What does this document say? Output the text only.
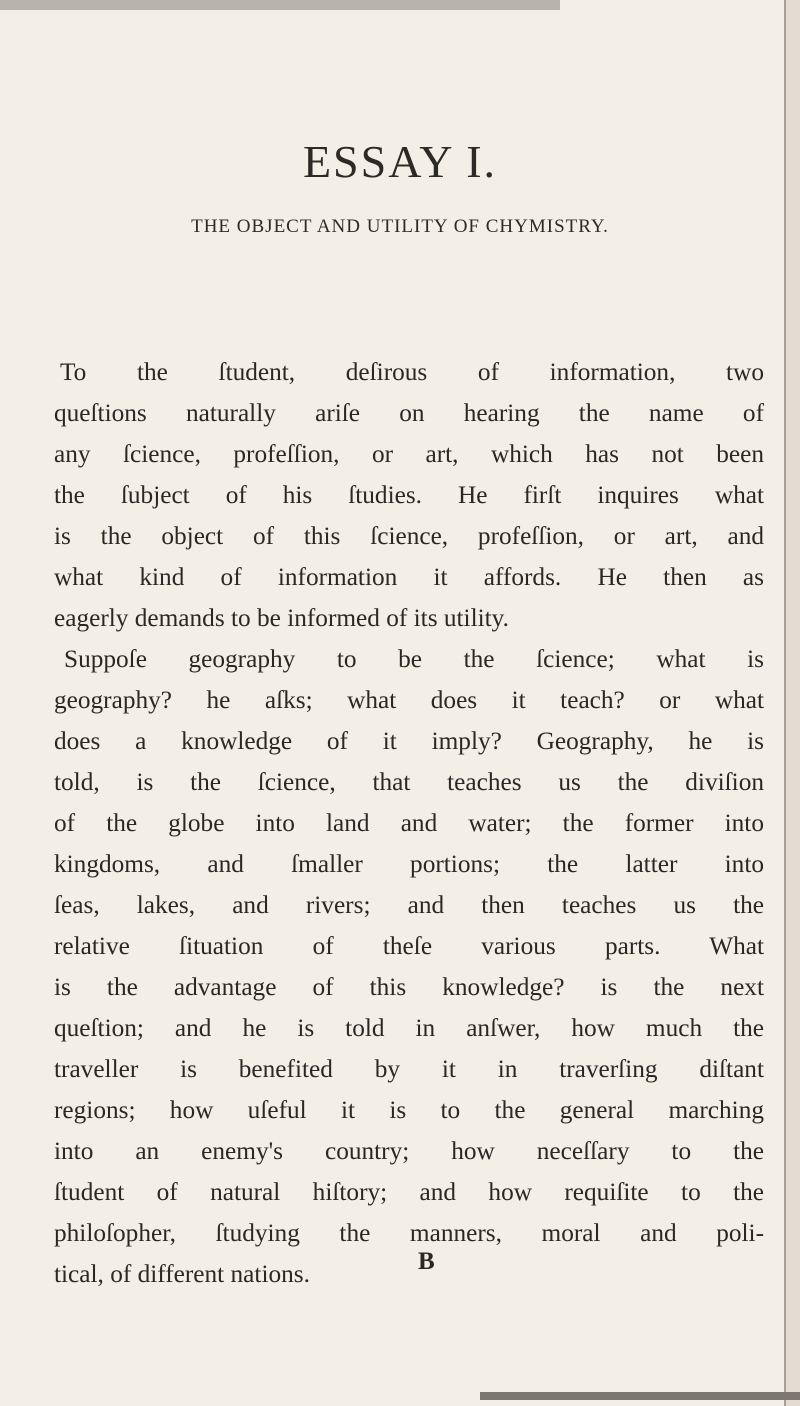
ESSAY I.
THE OBJECT AND UTILITY OF CHYMISTRY.

To the ſtudent, deſirous of information, two
queſtions naturally ariſe on hearing the name of
any ſcience, profeſſion, or art, which has not been
the ſubject of his ſtudies. He firſt inquires what
is the object of this ſcience, profeſſion, or art, and
what kind of information it affords. He then as
eagerly demands to be informed of its utility.

Suppoſe geography to be the ſcience; what is
geography? he aſks; what does it teach? or what
does a knowledge of it imply? Geography, he is
told, is the ſcience, that teaches us the diviſion
of the globe into land and water; the former into
kingdoms, and ſmaller portions; the latter into
ſeas, lakes, and rivers; and then teaches us the
relative ſituation of theſe various parts. What
is the advantage of this knowledge? is the next
queſtion; and he is told in anſwer, how much the
traveller is benefited by it in traverſing diſtant
regions; how uſeful it is to the general marching
into an enemy's country; how neceſſary to the
ſtudent of natural hiſtory; and how requiſite to the
philoſopher, ſtudying the manners, moral and poli-
tical, of different nations.	B
